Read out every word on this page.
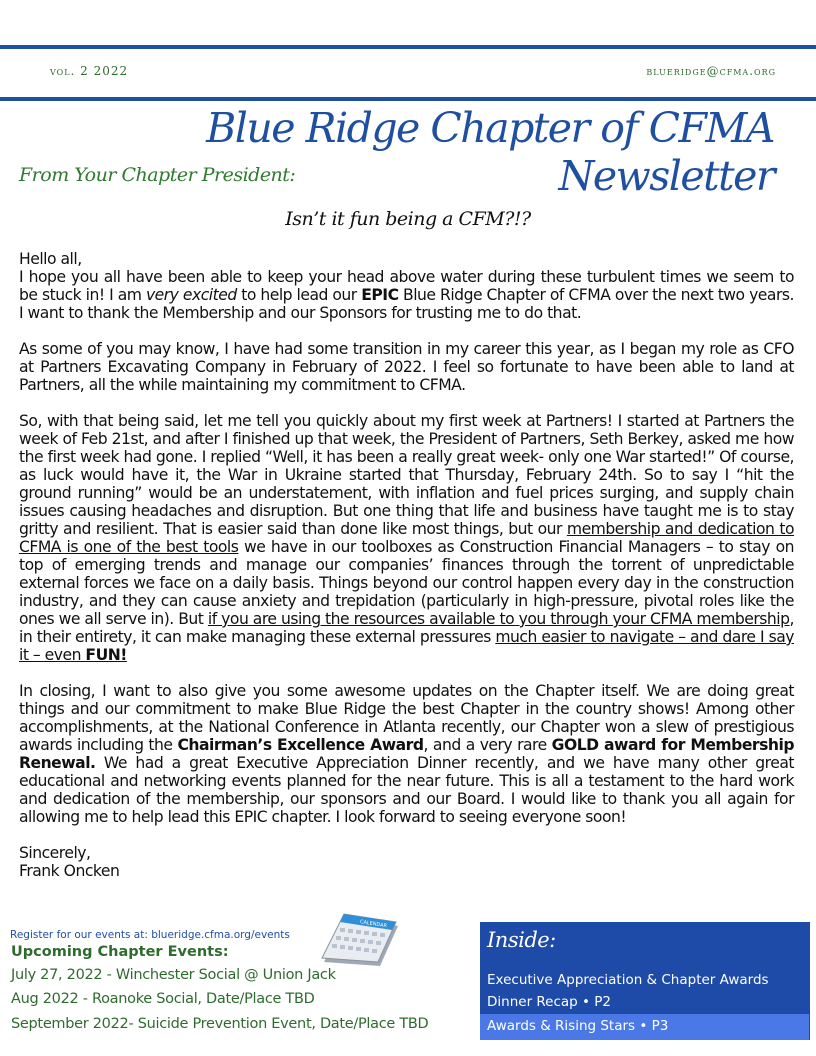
vol. 2 2022	blueridge@cfma.org
Blue Ridge Chapter of CFMA
Newsletter
From Your Chapter President:
Isn’t it fun being a CFM?!?

Hello all,

I hope you all have been able to keep your head above water during these turbulent times we seem to be stuck in! I am very excited to help lead our EPIC Blue Ridge Chapter of CFMA over the next two years. I want to thank the Membership and our Sponsors for trusting me to do that.

As some of you may know, I have had some transition in my career this year, as I began my role as CFO at Partners Excavating Company in February of 2022. I feel so fortunate to have been able to land at Partners, all the while maintaining my commitment to CFMA.

So, with that being said, let me tell you quickly about my first week at Partners! I started at Partners the week of Feb 21st, and after I finished up that week, the President of Partners, Seth Berkey, asked me how the first week had gone. I replied “Well, it has been a really great week- only one War started!” Of course, as luck would have it, the War in Ukraine started that Thursday, February 24th. So to say I “hit the ground running” would be an understatement, with inflation and fuel prices surging, and supply chain issues causing headaches and disruption. But one thing that life and business have taught me is to stay gritty and resilient. That is easier said than done like most things, but our membership and dedication to CFMA is one of the best tools we have in our toolboxes as Construction Financial Managers – to stay on top of emerging trends and manage our companies’ finances through the torrent of unpredictable external forces we face on a daily basis. Things beyond our control happen every day in the construction industry, and they can cause anxiety and trepidation (particularly in high-pressure, pivotal roles like the ones we all serve in). But if you are using the resources available to you through your CFMA membership, in their entirety, it can make managing these external pressures much easier to navigate – and dare I say it – even FUN!

In closing, I want to also give you some awesome updates on the Chapter itself. We are doing great things and our commitment to make Blue Ridge the best Chapter in the country shows! Among other accomplishments, at the National Conference in Atlanta recently, our Chapter won a slew of prestigious awards including the Chairman’s Excellence Award, and a very rare GOLD award for Membership Renewal. We had a great Executive Appreciation Dinner recently, and we have many other great educational and networking events planned for the near future. This is all a testament to the hard work and dedication of the membership, our sponsors and our Board. I would like to thank you all again for allowing me to help lead this EPIC chapter. I look forward to seeing everyone soon!

Sincerely,

Frank Oncken

Register for our events at: blueridge.cfma.org/events
Upcoming Chapter Events:
July 27, 2022 - Winchester Social @ Union Jack
Aug 2022 - Roanoke Social, Date/Place TBD
September 2022- Suicide Prevention Event, Date/Place TBD
CALENDAR
Inside:
Executive Appreciation & Chapter Awards
Dinner Recap • P2
Awards & Rising Stars • P3
